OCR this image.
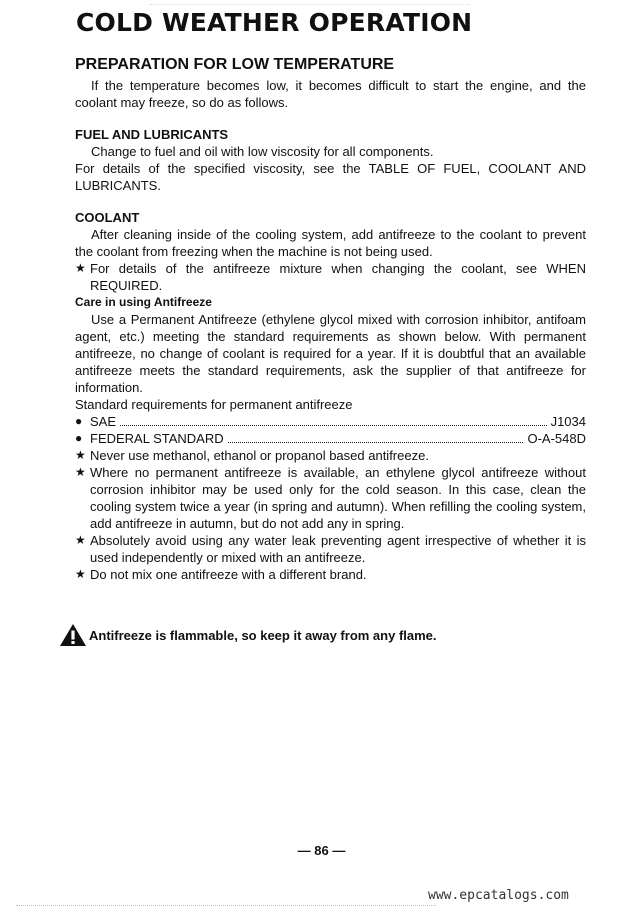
COLD WEATHER OPERATION
PREPARATION FOR LOW TEMPERATURE

If the temperature becomes low, it becomes difficult to start the engine, and the coolant may freeze, so do as follows.

FUEL AND LUBRICANTS

Change to fuel and oil with low viscosity for all components.

For details of the specified viscosity, see the TABLE OF FUEL, COOLANT AND LUBRICANTS.

COOLANT

After cleaning inside of the cooling system, add antifreeze to the coolant to prevent the coolant from freezing when the machine is not being used.

★ For details of the antifreeze mixture when changing the coolant, see WHEN REQUIRED.

Care in using Antifreeze

Use a Permanent Antifreeze (ethylene glycol mixed with corrosion inhibitor, antifoam agent, etc.) meeting the standard requirements as shown below. With permanent antifreeze, no change of coolant is required for a year. If it is doubtful that an available antifreeze meets the standard requirements, ask the supplier of that antifreeze for information.

Standard requirements for permanent antifreeze

● SAE	J1034

● FEDERAL STANDARD	O-A-548D

★ Never use methanol, ethanol or propanol based antifreeze.

★ Where no permanent antifreeze is available, an ethylene glycol antifreeze without corrosion inhibitor may be used only for the cold season. In this case, clean the cooling system twice a year (in spring and autumn). When refilling the cooling system, add antifreeze in autumn, but do not add any in spring.

★ Absolutely avoid using any water leak preventing agent irrespective of whether it is used independently or mixed with an antifreeze.

★ Do not mix one antifreeze with a different brand.

Antifreeze is flammable, so keep it away from any flame.
— 86 —
www.epcatalogs.com
